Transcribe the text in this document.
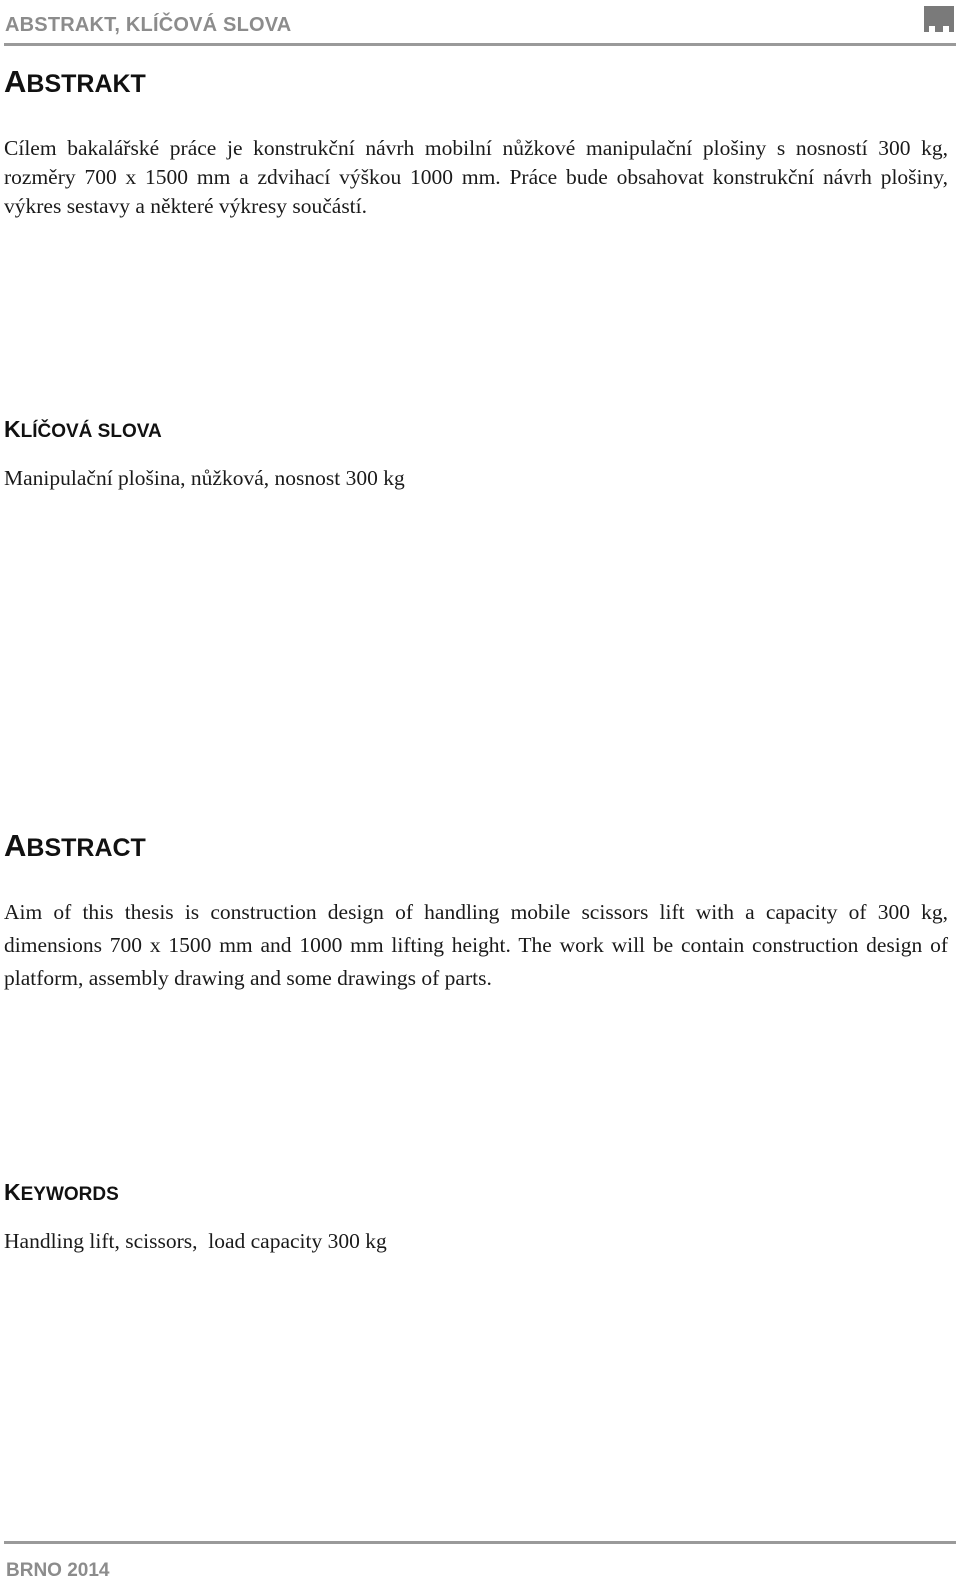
ABSTRAKT, KLÍČOVÁ SLOVA
ABSTRAKT

Cílem bakalářské práce je konstrukční návrh mobilní nůžkové manipulační plošiny s nosností 300 kg, rozměry 700 x 1500 mm a zdvihací výškou 1000 mm. Práce bude obsahovat konstrukční návrh plošiny, výkres sestavy a některé výkresy součástí.

KLÍČOVÁ SLOVA

Manipulační plošina, nůžková, nosnost 300 kg

ABSTRACT

Aim of this thesis is construction design of handling mobile scissors lift with a capacity of 300 kg, dimensions 700 x 1500 mm and 1000 mm lifting height. The work will be contain construction design of platform, assembly drawing and some drawings of parts.

KEYWORDS

Handling lift, scissors,  load capacity 300 kg

BRNO 2014
